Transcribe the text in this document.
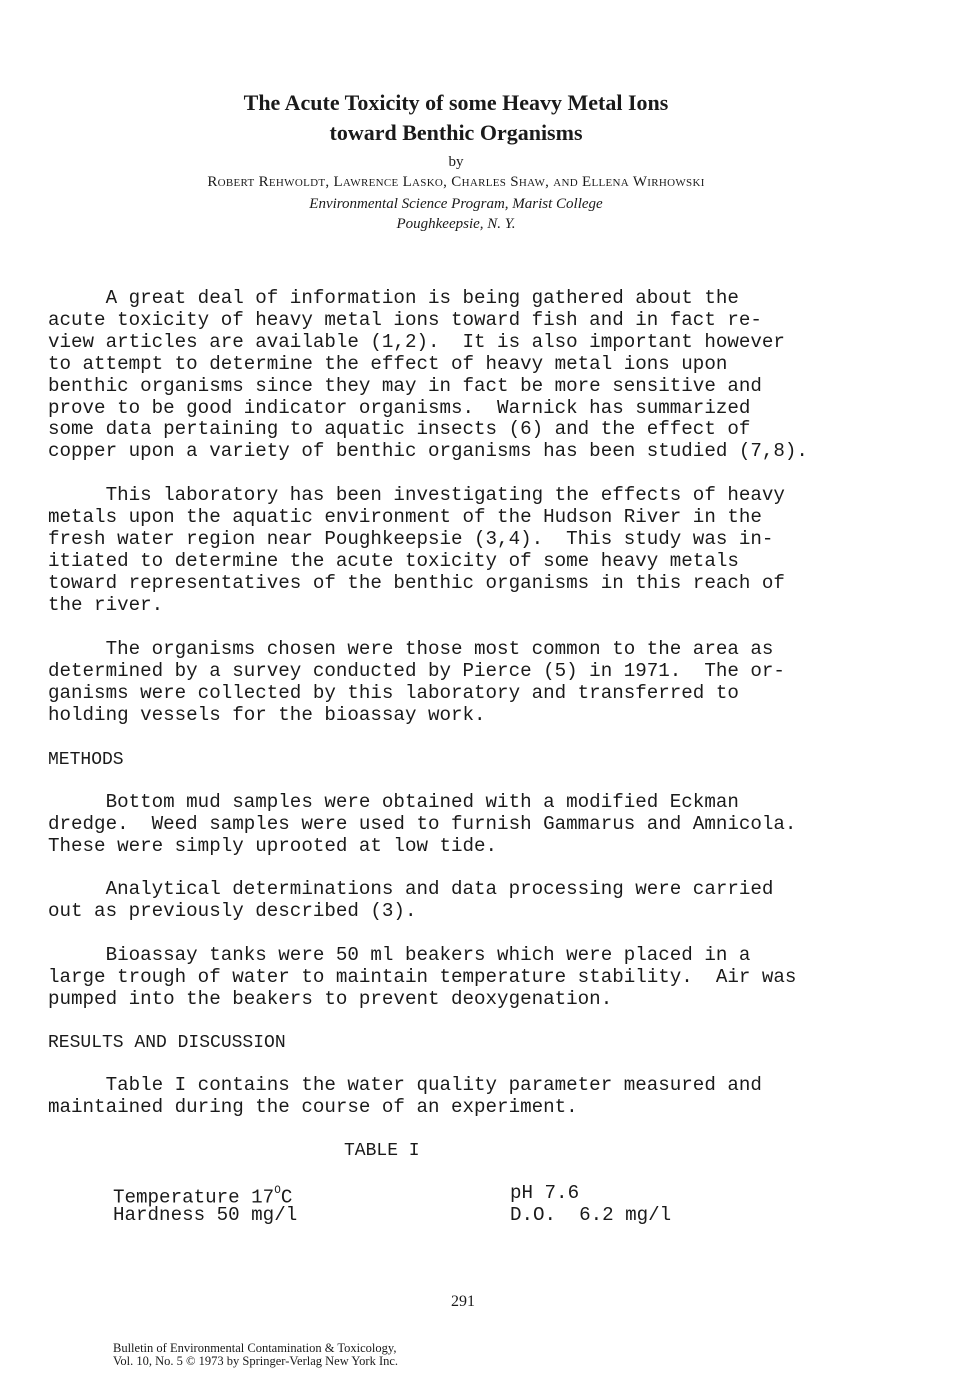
The Acute Toxicity of some Heavy Metal Ions
toward Benthic Organisms
by
Robert Rehwoldt, Lawrence Lasko, Charles Shaw, and Ellena Wirhowski
Environmental Science Program, Marist College
Poughkeepsie, N. Y.

A great deal of information is being gathered about the
acute toxicity of heavy metal ions toward fish and in fact re-
view articles are available (1,2).  It is also important however
to attempt to determine the effect of heavy metal ions upon
benthic organisms since they may in fact be more sensitive and
prove to be good indicator organisms.  Warnick has summarized
some data pertaining to aquatic insects (6) and the effect of
copper upon a variety of benthic organisms has been studied (7,8).

This laboratory has been investigating the effects of heavy
metals upon the aquatic environment of the Hudson River in the
fresh water region near Poughkeepsie (3,4).  This study was in-
itiated to determine the acute toxicity of some heavy metals
toward representatives of the benthic organisms in this reach of
the river.

The organisms chosen were those most common to the area as
determined by a survey conducted by Pierce (5) in 1971.  The or-
ganisms were collected by this laboratory and transferred to
holding vessels for the bioassay work.

METHODS

Bottom mud samples were obtained with a modified Eckman
dredge.  Weed samples were used to furnish Gammarus and Amnicola.
These were simply uprooted at low tide.

Analytical determinations and data processing were carried
out as previously described (3).

Bioassay tanks were 50 ml beakers which were placed in a
large trough of water to maintain temperature stability.  Air was
pumped into the beakers to prevent deoxygenation.

RESULTS AND DISCUSSION

Table I contains the water quality parameter measured and
maintained during the course of an experiment.

TABLE I
Temperature $17^OC$
Hardness 50 mg/l
pH 7.6
D.O.  6.2 mg/l
291
Bulletin of Environmental Contamination & Toxicology,
Vol. 10, No. 5 © 1973 by Springer-Verlag New York Inc.
